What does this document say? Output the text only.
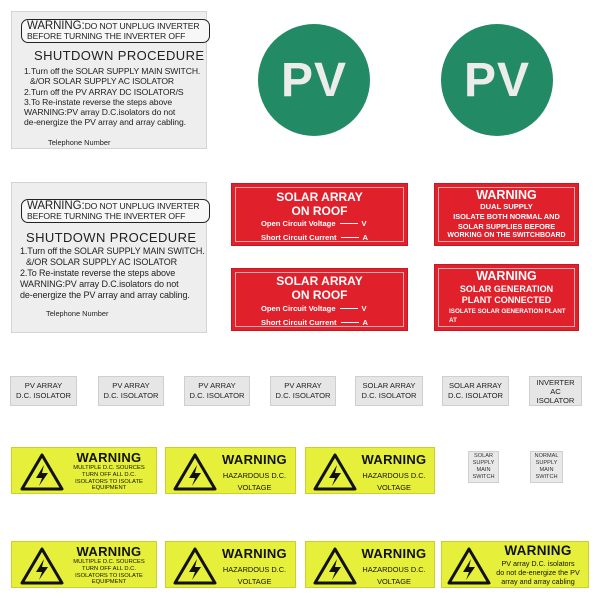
WARNING:DO NOT UNPLUG INVERTER
BEFORE TURNING THE INVERTER OFF
SHUTDOWN PROCEDURE
1.Turn off the SOLAR SUPPLY MAIN SWITCH.
&/OR SOLAR SUPPLY AC ISOLATOR
2.Turn off the PV ARRAY DC ISOLATOR/S
3.To Re-instate reverse the steps above
WARNING:PV array D.C.isolators do not
de-energize the PV array and array cabling.
Telephone Number
PV	PV
WARNING:DO NOT UNPLUG INVERTER
BEFORE TURNING THE INVERTER OFF
SHUTDOWN PROCEDURE
1.Turn off the SOLAR SUPPLY MAIN SWITCH.
&/OR SOLAR SUPPLY AC ISOLATOR
2.To Re-instate reverse the steps above
WARNING:PV array D.C.isolators do not
de-energize the PV array and array cabling.
Telephone Number
SOLAR ARRAY
ON ROOF
Open Circuit Voltage	V
Short Circuit Current	A
WARNING
DUAL SUPPLY
ISOLATE BOTH NORMAL AND
SOLAR SUPPLIES BEFORE
WORKING ON THE SWITCHBOARD
SOLAR ARRAY
ON ROOF
Open Circuit Voltage	V
Short Circuit Current	A
WARNING
SOLAR GENERATION
PLANT CONNECTED
ISOLATE SOLAR GENERATION PLANT
AT
PV ARRAY
D.C. ISOLATOR
PV ARRAY
D.C. ISOLATOR
PV ARRAY
D.C. ISOLATOR
PV ARRAY
D.C. ISOLATOR
SOLAR ARRAY
D.C. ISOLATOR
SOLAR ARRAY
D.C. ISOLATOR
INVERTER
AC
ISOLATOR
SOLAR
SUPPLY
MAIN
SWITCH
NORMAL
SUPPLY
MAIN
SWITCH
WARNING
MULTIPLE D.C. SOURCES
TURN OFF ALL D.C.
ISOLATORS TO ISOLATE
EQUIPMENT
WARNING
HAZARDOUS D.C.
VOLTAGE
WARNING
HAZARDOUS D.C.
VOLTAGE
WARNING
MULTIPLE D.C. SOURCES
TURN OFF ALL D.C.
ISOLATORS TO ISOLATE
EQUIPMENT
WARNING
HAZARDOUS D.C.
VOLTAGE
WARNING
HAZARDOUS D.C.
VOLTAGE
WARNING
PV array D.C. isolators
do not de-energize the PV
array and array cabling
